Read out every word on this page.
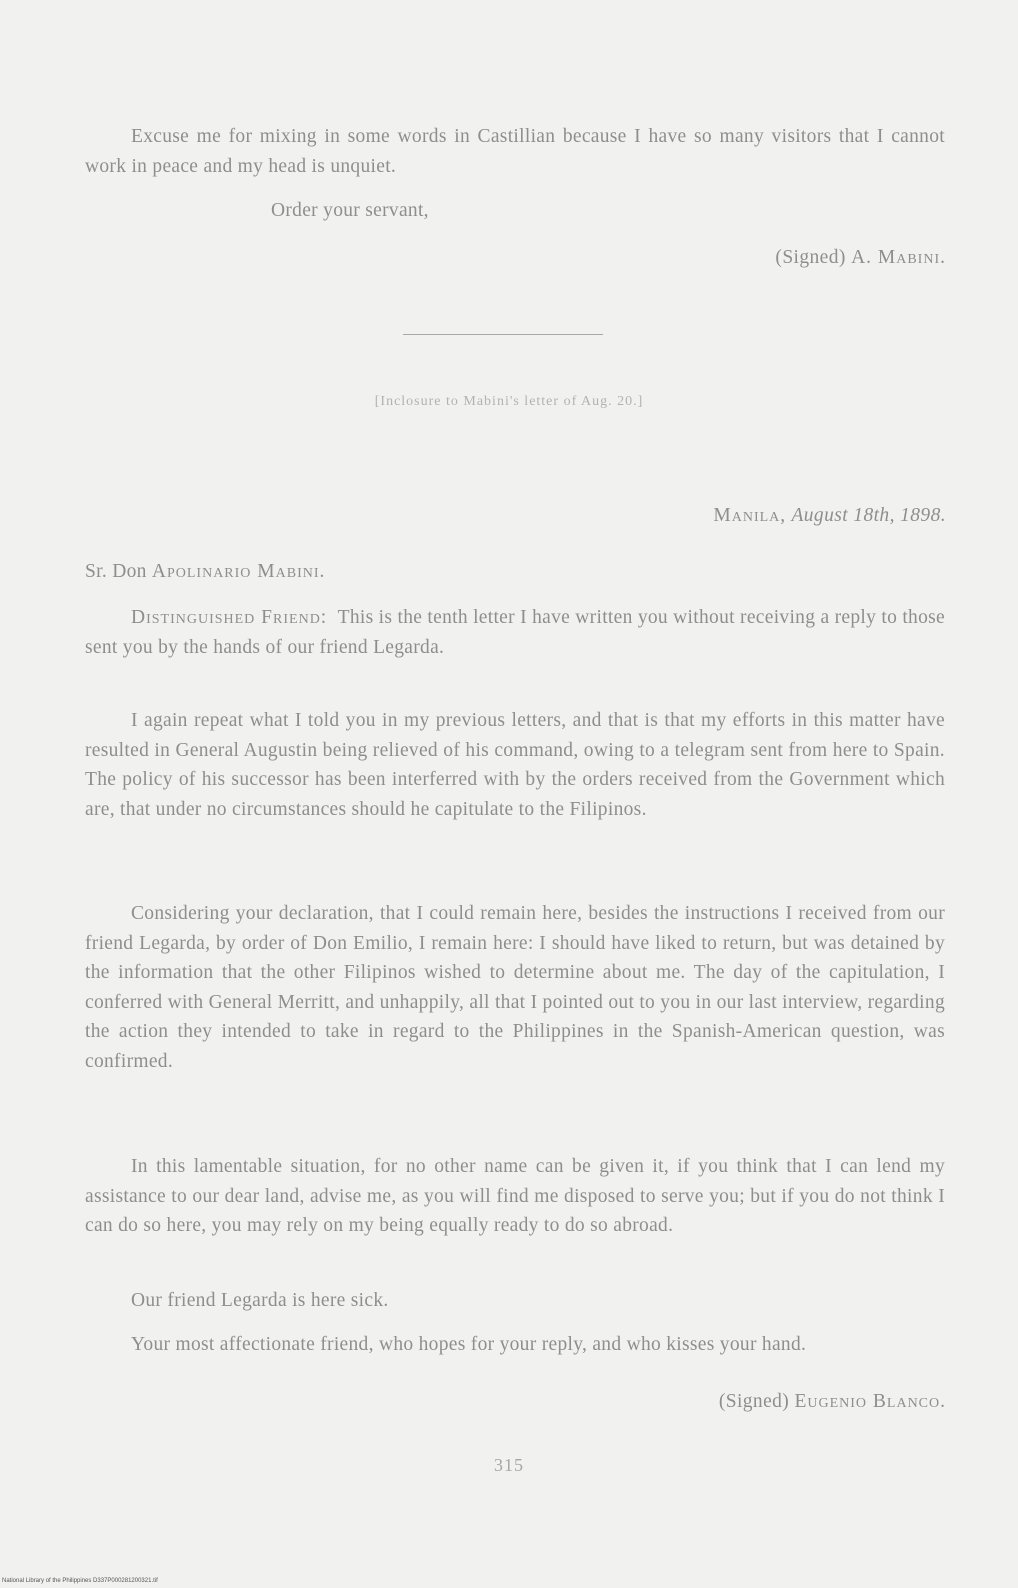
Excuse me for mixing in some words in Castillian because I have so many visitors that I cannot work in peace and my head is unquiet.

Order your servant,
(Signed) A. Mabini.
[Inclosure to Mabini's letter of Aug. 20.]
Manila, August 18th, 1898.
Sr. Don Apolinario Mabini.

Distinguished Friend: This is the tenth letter I have written you without receiving a reply to those sent you by the hands of our friend Legarda.

I again repeat what I told you in my previous letters, and that is that my efforts in this matter have resulted in General Augustin being relieved of his command, owing to a telegram sent from here to Spain. The policy of his successor has been interferred with by the orders received from the Government which are, that under no circumstances should he capitulate to the Filipinos.

Considering your declaration, that I could remain here, besides the instructions I received from our friend Legarda, by order of Don Emilio, I remain here: I should have liked to return, but was detained by the information that the other Filipinos wished to determine about me. The day of the capitulation, I conferred with General Merritt, and unhappily, all that I pointed out to you in our last interview, regarding the action they intended to take in regard to the Philippines in the Spanish-American question, was confirmed.

In this lamentable situation, for no other name can be given it, if you think that I can lend my assistance to our dear land, advise me, as you will find me disposed to serve you; but if you do not think I can do so here, you may rely on my being equally ready to do so abroad.

Our friend Legarda is here sick.

Your most affectionate friend, who hopes for your reply, and who kisses your hand.

(Signed) Eugenio Blanco.
315
National Library of the Philippines D337P000281200321.tif
